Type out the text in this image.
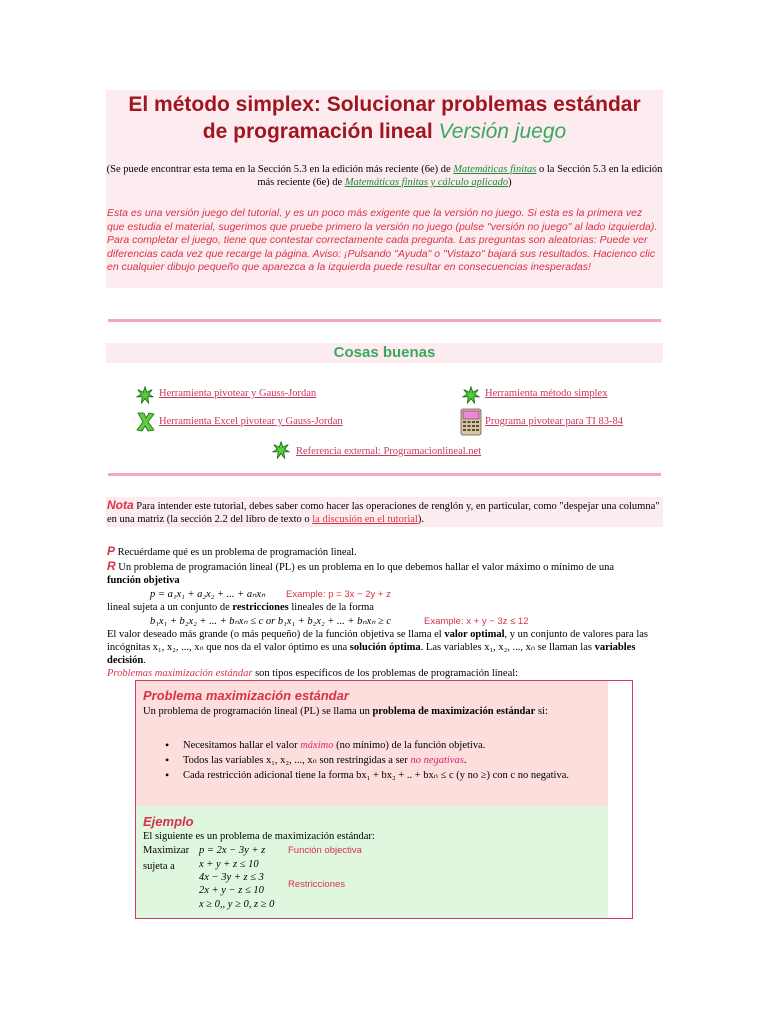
El método simplex: Solucionar problemas estándar
de programación lineal Versión juego
(Se puede encontrar esta tema en la Sección 5.3 en la edición más reciente (6e) de Matemáticas finitas o la Sección 5.3 en la edición más reciente (6e) de Matemáticas finitas y cálculo aplicado)
Esta es una versión juego del tutorial, y es un poco más exigente que la versión no juego. Si esta es la primera vez que estudia el material, sugerimos que pruebe primero la versión no juego (pulse "versión no juego" al lado izquierda). Para completar el juego, tiene que contestar correctamente cada pregunta. Las preguntas son aleatorias: Puede ver diferencias cada vez que recarge la página. Aviso: ¡Pulsando "Ayuda" o "Vistazo" bajará sus resultados. Hacienco clic en cualquier dibujo pequeño que aparezca a la izquierda puede resultar en consecuencias inesperadas!
Cosas buenas
Herramienta pivotear y Gauss-Jordan	Herramienta método simplex
Herramienta Excel pivotear y Gauss-Jordan	Programa pivotear para TI 83-84
Referencia external: Programacionlineal.net
Nota Para intender este tutorial, debes saber como hacer las operaciones de renglón y, en particular, como "despejar una columna" en una matriz (la sección 2.2 del libro de texto o la discusión en el tutorial).
P Recuérdame qué es un problema de programación lineal.
R Un problema de programación lineal (PL) es un problema en lo que debemos hallar el valor máximo o mínimo de una función objetiva
p = a₁x₁ + a₂x₂ + ... + aₙxₙ Example: p = 3x − 2y + z
lineal sujeta a un conjunto de restricciones lineales de la forma
b₁x₁ + b₂x₂ + ... + bₙxₙ ≤ c or b₁x₁ + b₂x₂ + ... + bₙxₙ ≥ c	Example: x + y − 3z ≤ 12
El valor deseado más grande (o más pequeño) de la función objetiva se llama el valor optimal, y un conjunto de valores para las incógnitas x₁, x₂, ..., xₙ que nos da el valor óptimo es una solución óptima. Las variables x₁, x₂, ..., xₙ se llaman las variables decisión.
Problemas maximización estándar son tipos específicos de los problemas de programación lineal:
Problema maximización estándar
Un problema de programación lineal (PL) se llama un problema de maximización estándar si:
• Necesitamos hallar el valor máximo (no mínimo) de la función objetiva.
• Todos las variables x₁, x₂, ..., xₙ son restringidas a ser no negativas.
• Cada restricción adicional tiene la forma bx₁ + bx₂ + .. + bxₙ ≤ c (y no ≥) con c no negativa.
Ejemplo
El siguiente es un problema de maximización estándar:
Maximizar p = 2x − 3y + z Función objectiva
sujeta a x + y + z ≤ 10
4x − 3y + z ≤ 3
2x + y − z ≤ 10
x ≥ 0,, y ≥ 0, z ≥ 0
Restricciones
